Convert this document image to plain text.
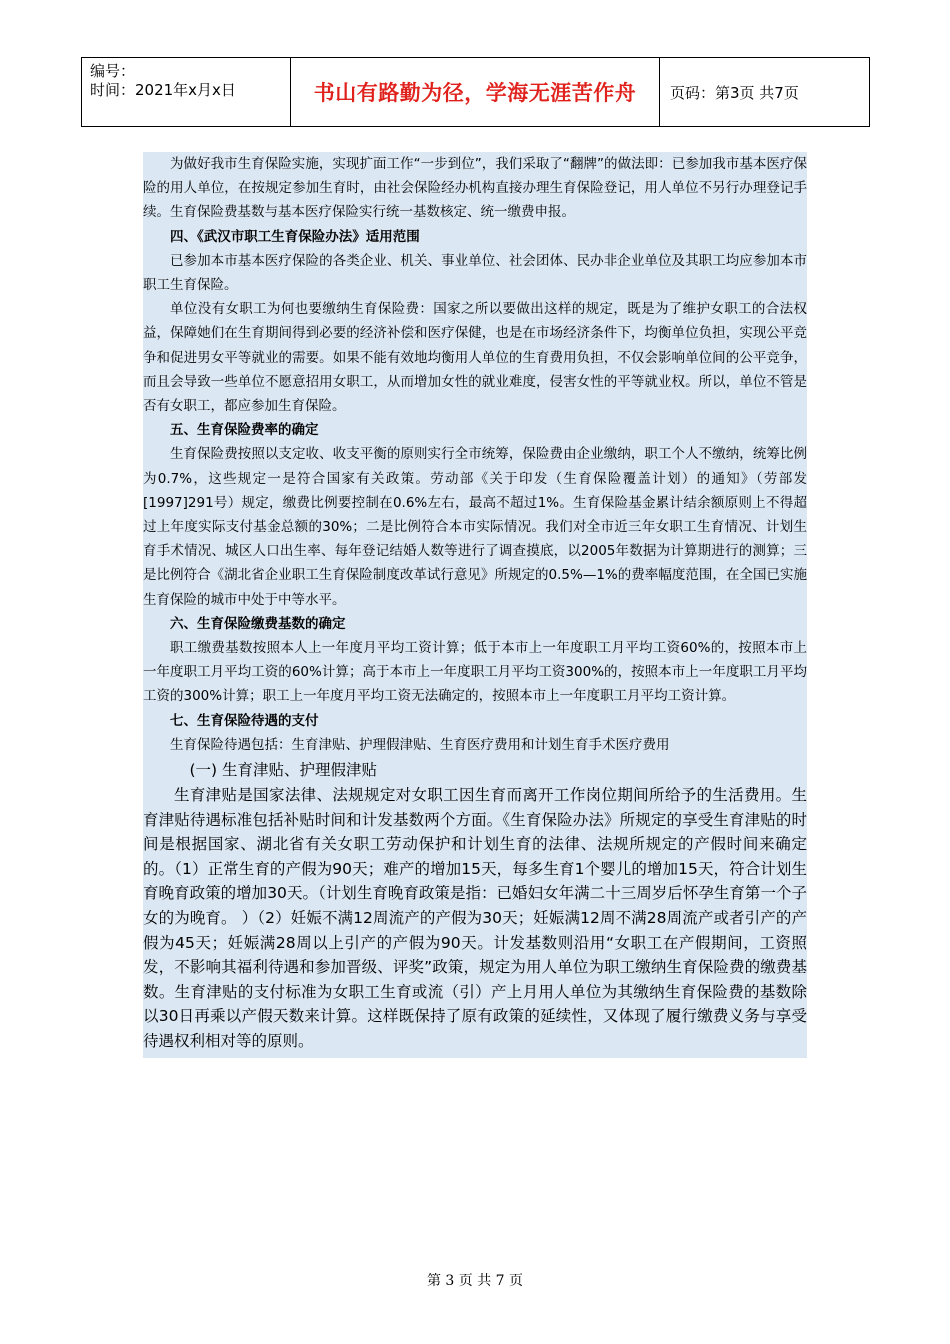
编号：
时间：2021年x月x日	书山有路勤为径，学海无涯苦作舟	页码：第3页 共7页

为做好我市生育保险实施，实现扩面工作“一步到位”，我们采取了“翻牌”的做法即：已参加我市基本医疗保险的用人单位，在按规定参加生育时，由社会保险经办机构直接办理生育保险登记，用人单位不另行办理登记手续。生育保险费基数与基本医疗保险实行统一基数核定、统一缴费申报。

四、《武汉市职工生育保险办法》适用范围

已参加本市基本医疗保险的各类企业、机关、事业单位、社会团体、民办非企业单位及其职工均应参加本市职工生育保险。

单位没有女职工为何也要缴纳生育保险费：国家之所以要做出这样的规定，既是为了维护女职工的合法权益，保障她们在生育期间得到必要的经济补偿和医疗保健，也是在市场经济条件下，均衡单位负担，实现公平竞争和促进男女平等就业的需要。如果不能有效地均衡用人单位的生育费用负担，不仅会影响单位间的公平竞争，而且会导致一些单位不愿意招用女职工，从而增加女性的就业难度，侵害女性的平等就业权。所以，单位不管是否有女职工，都应参加生育保险。

五、生育保险费率的确定

生育保险费按照以支定收、收支平衡的原则实行全市统筹，保险费由企业缴纳，职工个人不缴纳，统筹比例为0.7%，这些规定一是符合国家有关政策。劳动部《关于印发（生育保险覆盖计划）的通知》（劳部发[1997]291号）规定，缴费比例要控制在0.6%左右，最高不超过1%。生育保险基金累计结余额原则上不得超过上年度实际支付基金总额的30%；二是比例符合本市实际情况。我们对全市近三年女职工生育情况、计划生育手术情况、城区人口出生率、每年登记结婚人数等进行了调查摸底，以2005年数据为计算期进行的测算；三是比例符合《湖北省企业职工生育保险制度改革试行意见》所规定的0.5%—1%的费率幅度范围，在全国已实施生育保险的城市中处于中等水平。

六、生育保险缴费基数的确定

职工缴费基数按照本人上一年度月平均工资计算；低于本市上一年度职工月平均工资60%的，按照本市上一年度职工月平均工资的60%计算；高于本市上一年度职工月平均工资300%的，按照本市上一年度职工月平均工资的300%计算；职工上一年度月平均工资无法确定的，按照本市上一年度职工月平均工资计算。

七、生育保险待遇的支付

生育保险待遇包括：生育津贴、护理假津贴、生育医疗费用和计划生育手术医疗费用

(一) 生育津贴、护理假津贴

生育津贴是国家法律、法规规定对女职工因生育而离开工作岗位期间所给予的生活费用。生育津贴待遇标准包括补贴时间和计发基数两个方面。《生育保险办法》所规定的享受生育津贴的时间是根据国家、湖北省有关女职工劳动保护和计划生育的法律、法规所规定的产假时间来确定的。（1）正常生育的产假为90天；难产的增加15天，每多生育1个婴儿的增加15天，符合计划生育晚育政策的增加30天。（计划生育晚育政策是指：已婚妇女年满二十三周岁后怀孕生育第一个子女的为晚育。 ）（2）妊娠不满12周流产的产假为30天；妊娠满12周不满28周流产或者引产的产假为45天；妊娠满28周以上引产的产假为90天。计发基数则沿用“女职工在产假期间，工资照发，不影响其福利待遇和参加晋级、评奖”政策，规定为用人单位为职工缴纳生育保险费的缴费基数。生育津贴的支付标准为女职工生育或流（引）产上月用人单位为其缴纳生育保险费的基数除以30日再乘以产假天数来计算。这样既保持了原有政策的延续性，又体现了履行缴费义务与享受待遇权利相对等的原则。

第 3 页 共 7 页
